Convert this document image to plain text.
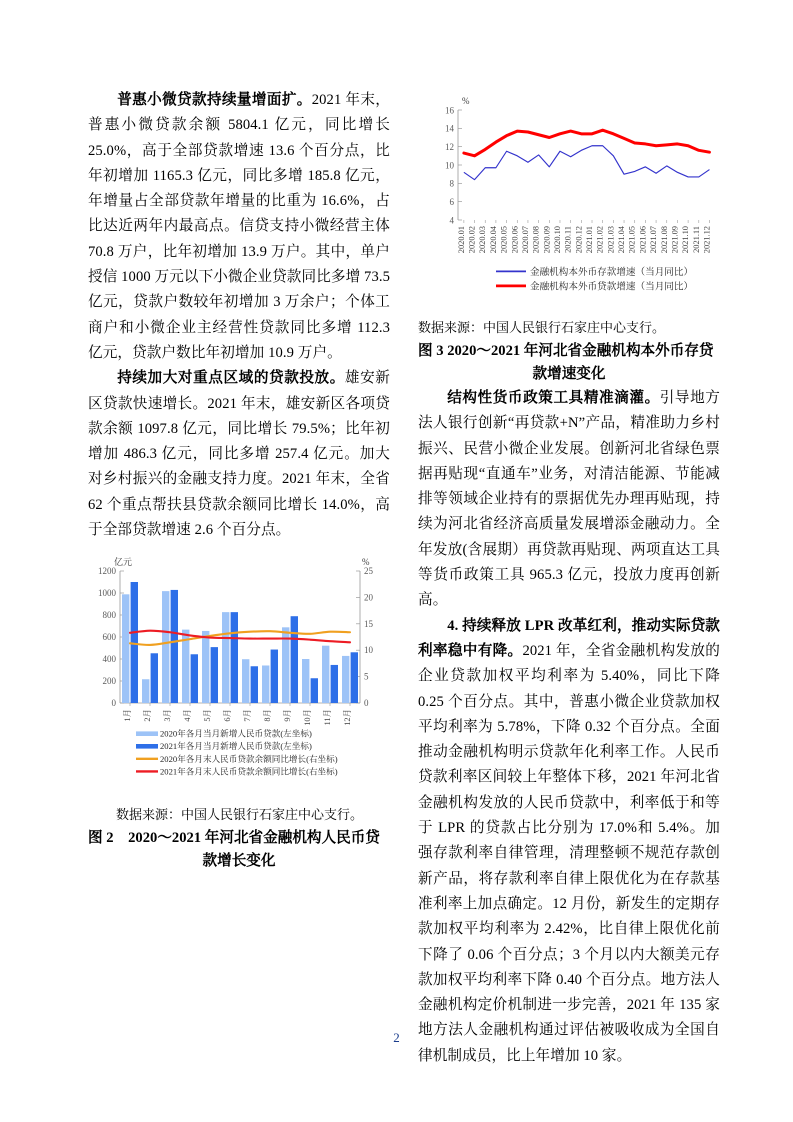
普惠小微贷款持续量增面扩。2021 年末，普惠小微贷款余额 5804.1 亿元，同比增长 25.0%，高于全部贷款增速 13.6 个百分点，比年初增加 1165.3 亿元，同比多增 185.8 亿元，年增量占全部贷款年增量的比重为 16.6%，占比达近两年内最高点。信贷支持小微经营主体 70.8 万户，比年初增加 13.9 万户。其中，单户授信 1000 万元以下小微企业贷款同比多增 73.5 亿元，贷款户数较年初增加 3 万余户；个体工商户和小微企业主经营性贷款同比多增 112.3 亿元，贷款户数比年初增加 10.9 万户。

持续加大对重点区域的贷款投放。雄安新区贷款快速增长。2021 年末，雄安新区各项贷款余额 1097.8 亿元，同比增长 79.5%；比年初增加 486.3 亿元，同比多增 257.4 亿元。加大对乡村振兴的金融支持力度。2021 年末，全省 62 个重点帮扶县贷款余额同比增长 14.0%，高于全部贷款增速 2.6 个百分点。

亿元	%
0
200
400
600
800
1000
1200
0
5
10
15
20
25
1月 2月 3月 4月 5月 6月 7月 8月 9月 10月 11月 12月
2020年各月当月新增人民币贷款(左坐标)
2021年各月当月新增人民币贷款(左坐标)
2020年各月末人民币贷款余额同比增长(右坐标)
2021年各月末人民币贷款余额同比增长(右坐标)
数据来源：中国人民银行石家庄中心支行。
图 2　2020～2021 年河北省金融机构人民币贷
款增长变化
%
4
6
8
10
12
14
16
2020.01 2020.02 2020.03 2020.04 2020.05 2020.06 2020.07 2020.08 2020.09 2020.10 2020.11 2020.12 2021.01 2021.02 2021.03 2021.04 2021.05 2021.06 2021.07 2021.08 2021.09 2021.10 2021.11 2021.12
金融机构本外币存款增速（当月同比）
金融机构本外币贷款增速（当月同比）
数据来源：中国人民银行石家庄中心支行。
图 3 2020～2021 年河北省金融机构本外币存贷
款增速变化

结构性货币政策工具精准滴灌。引导地方法人银行创新“再贷款+N”产品，精准助力乡村振兴、民营小微企业发展。创新河北省绿色票据再贴现“直通车”业务，对清洁能源、节能减排等领域企业持有的票据优先办理再贴现，持续为河北省经济高质量发展增添金融动力。全年发放(含展期）再贷款再贴现、两项直达工具等货币政策工具 965.3 亿元，投放力度再创新高。

4. 持续释放 LPR 改革红利，推动实际贷款利率稳中有降。2021 年，全省金融机构发放的企业贷款加权平均利率为 5.40%，同比下降 0.25 个百分点。其中，普惠小微企业贷款加权平均利率为 5.78%，下降 0.32 个百分点。全面推动金融机构明示贷款年化利率工作。人民币贷款利率区间较上年整体下移，2021 年河北省金融机构发放的人民币贷款中，利率低于和等于 LPR 的贷款占比分别为 17.0%和 5.4%。加强存款利率自律管理，清理整顿不规范存款创新产品，将存款利率自律上限优化为在存款基准利率上加点确定。12 月份，新发生的定期存款加权平均利率为 2.42%，比自律上限优化前下降了 0.06 个百分点；3 个月以内大额美元存款加权平均利率下降 0.40 个百分点。地方法人金融机构定价机制进一步完善，2021 年 135 家地方法人金融机构通过评估被吸收成为全国自律机制成员，比上年增加 10 家。

2
